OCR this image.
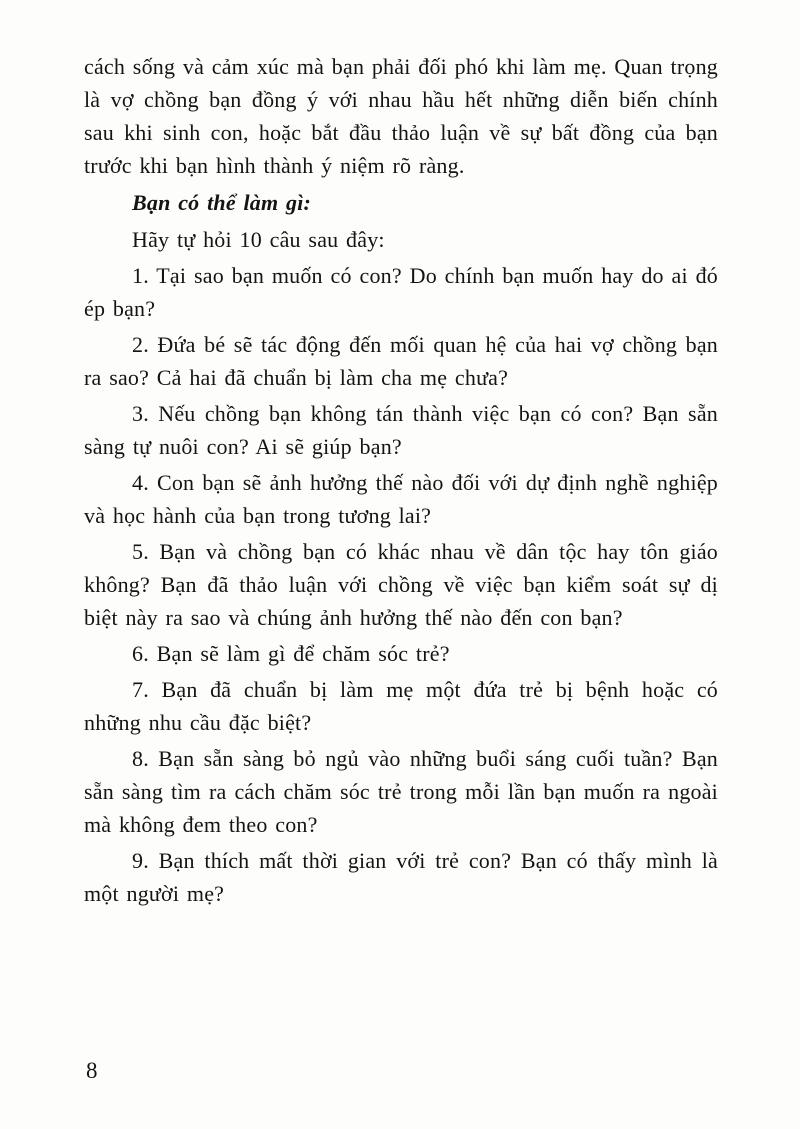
cách sống và cảm xúc mà bạn phải đối phó khi làm mẹ. Quan trọng là vợ chồng bạn đồng ý với nhau hầu hết những diễn biến chính sau khi sinh con, hoặc bắt đầu thảo luận về sự bất đồng của bạn trước khi bạn hình thành ý niệm rõ ràng.

Bạn có thể làm gì:

Hãy tự hỏi 10 câu sau đây:

1. Tại sao bạn muốn có con? Do chính bạn muốn hay do ai đó ép bạn?

2. Đứa bé sẽ tác động đến mối quan hệ của hai vợ chồng bạn ra sao? Cả hai đã chuẩn bị làm cha mẹ chưa?

3. Nếu chồng bạn không tán thành việc bạn có con? Bạn sẵn sàng tự nuôi con? Ai sẽ giúp bạn?

4. Con bạn sẽ ảnh hưởng thế nào đối với dự định nghề nghiệp và học hành của bạn trong tương lai?

5. Bạn và chồng bạn có khác nhau về dân tộc hay tôn giáo không? Bạn đã thảo luận với chồng về việc bạn kiểm soát sự dị biệt này ra sao và chúng ảnh hưởng thế nào đến con bạn?

6. Bạn sẽ làm gì để chăm sóc trẻ?

7. Bạn đã chuẩn bị làm mẹ một đứa trẻ bị bệnh hoặc có những nhu cầu đặc biệt?

8. Bạn sẵn sàng bỏ ngủ vào những buổi sáng cuối tuần? Bạn sẵn sàng tìm ra cách chăm sóc trẻ trong mỗi lần bạn muốn ra ngoài mà không đem theo con?

9. Bạn thích mất thời gian với trẻ con? Bạn có thấy mình là một người mẹ?

8
